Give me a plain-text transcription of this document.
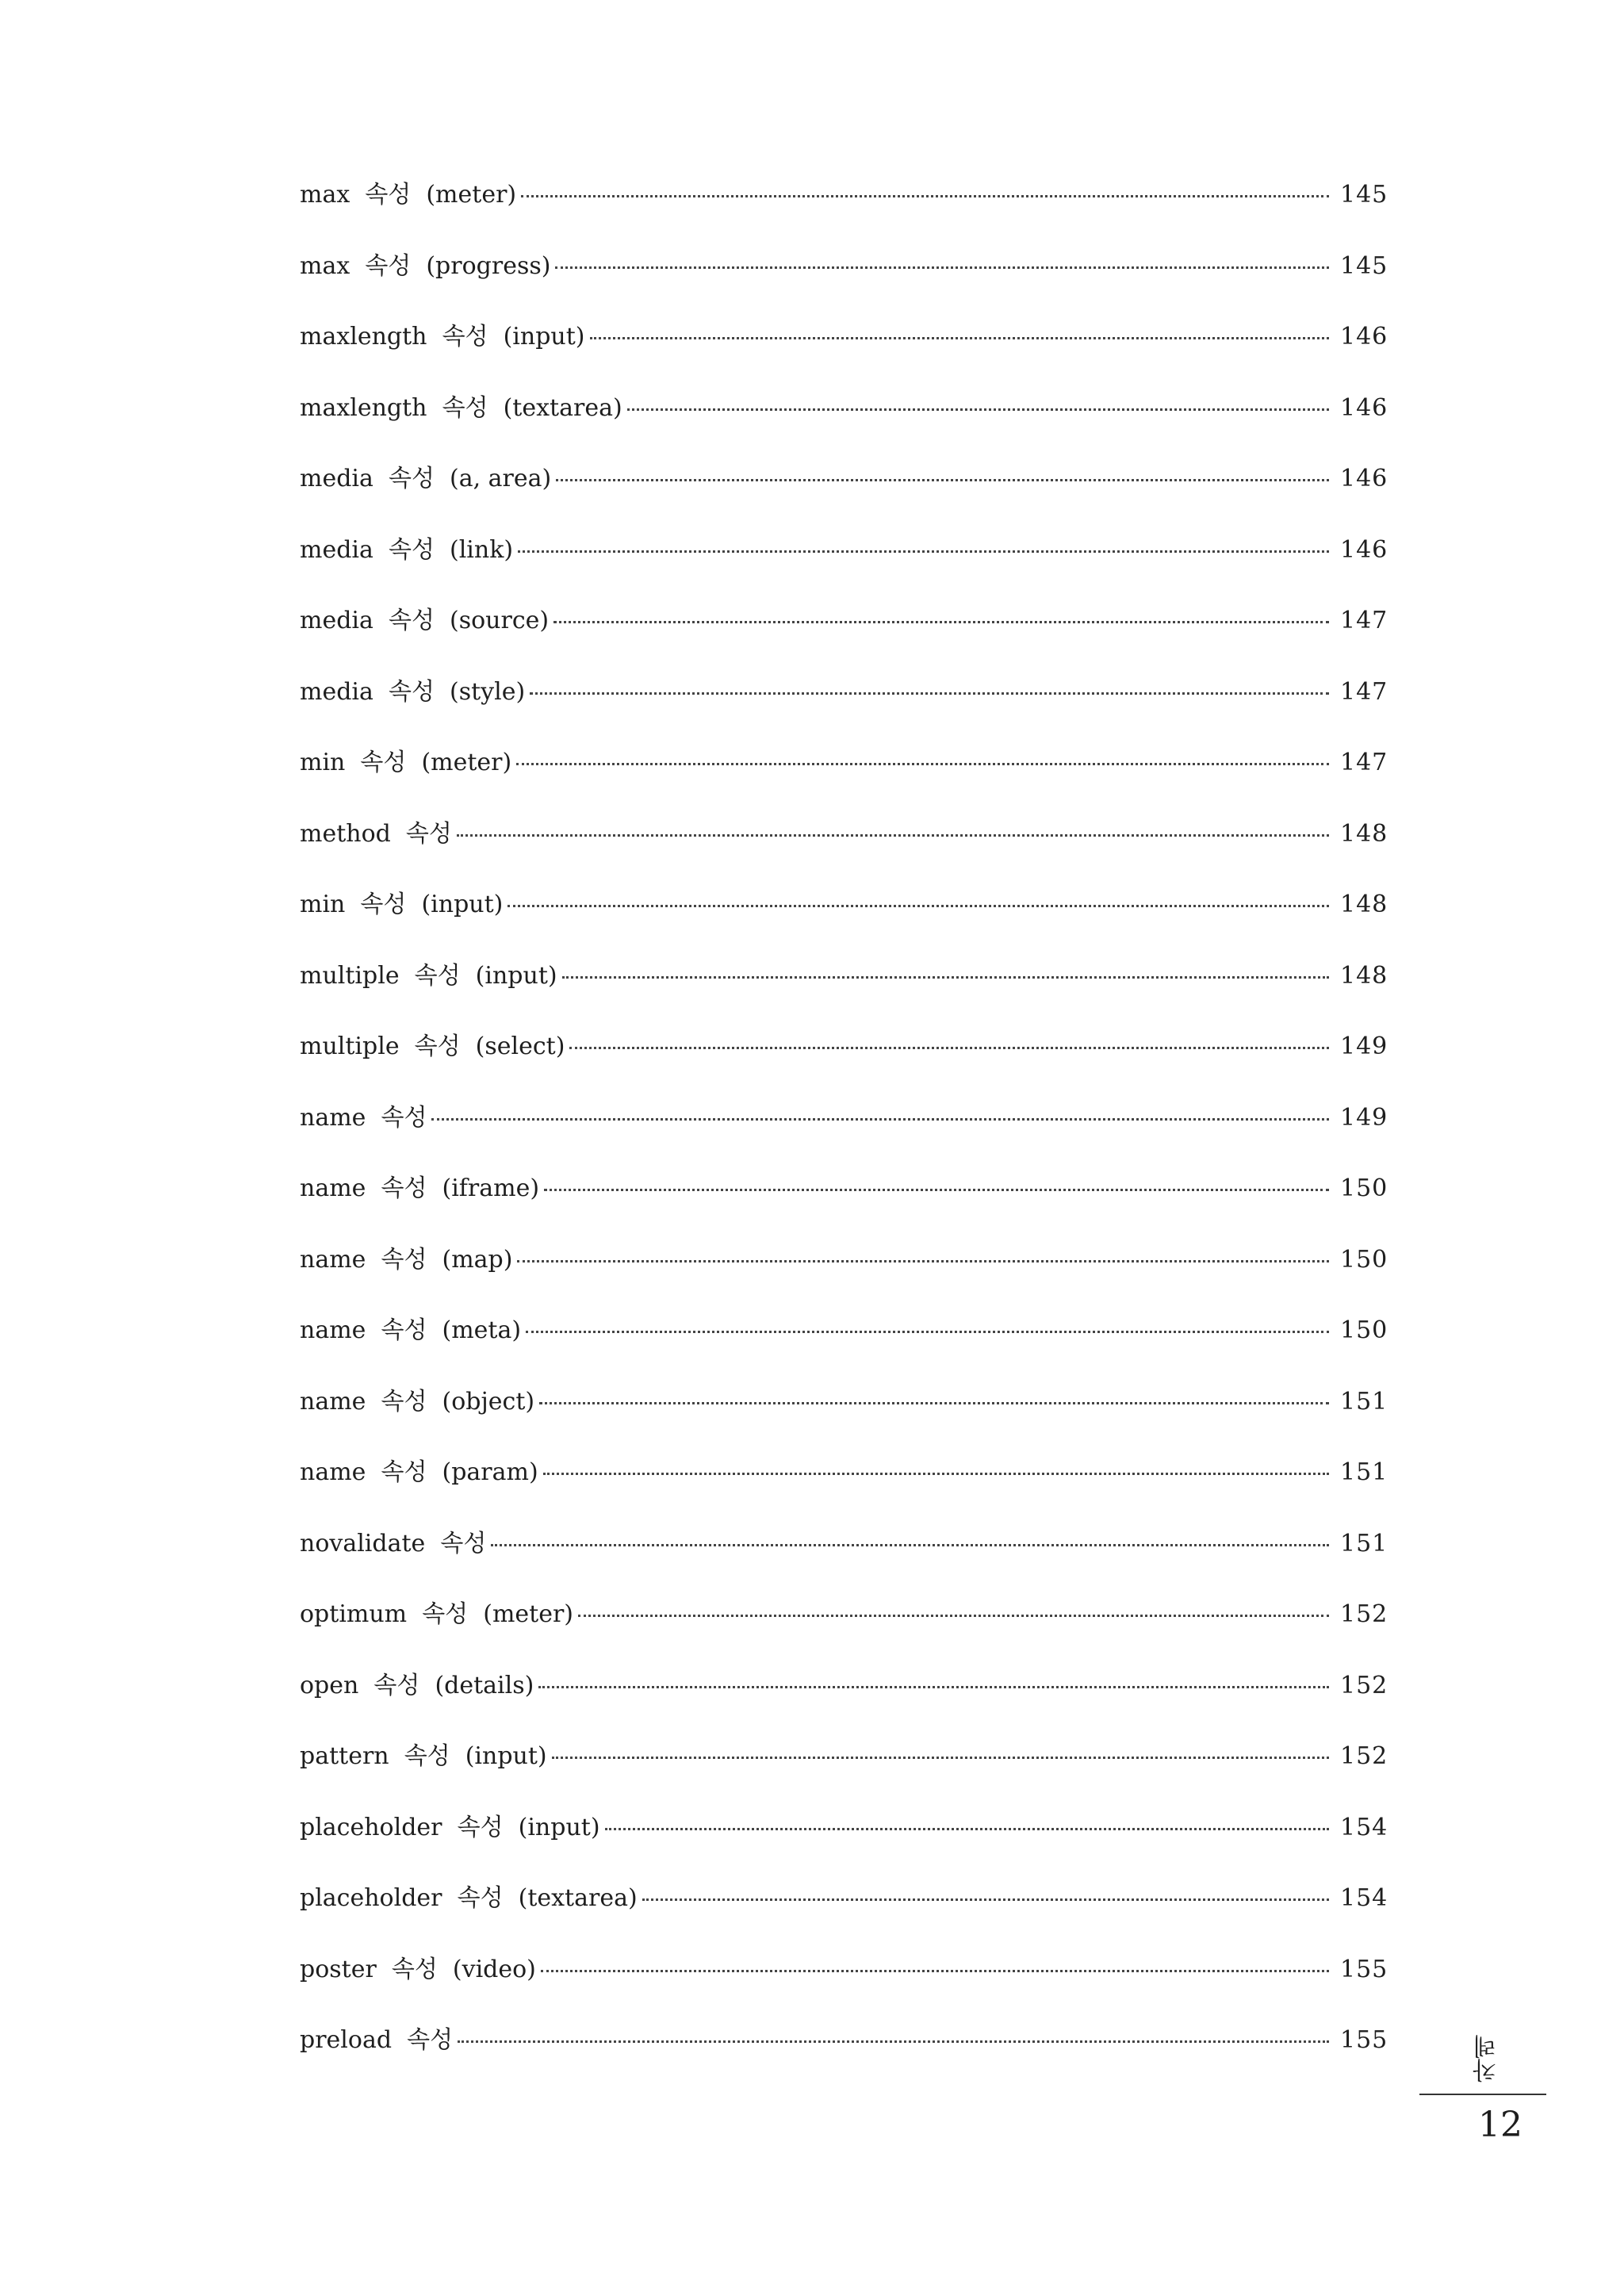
max  속성  (meter)	145
max  속성  (progress)	145
maxlength  속성  (input)	146
maxlength  속성  (textarea)	146
media  속성  (a, area)	146
media  속성  (link)	146
media  속성  (source)	147
media  속성  (style)	147
min  속성  (meter)	147
method  속성	148
min  속성  (input)	148
multiple  속성  (input)	148
multiple  속성  (select)	149
name  속성	149
name  속성  (iframe)	150
name  속성  (map)	150
name  속성  (meta)	150
name  속성  (object)	151
name  속성  (param)	151
novalidate  속성	151
optimum  속성  (meter)	152
open  속성  (details)	152
pattern  속성  (input)	152
placeholder  속성  (input)	154
placeholder  속성  (textarea)	154
poster  속성  (video)	155
preload  속성	155	차례
12
